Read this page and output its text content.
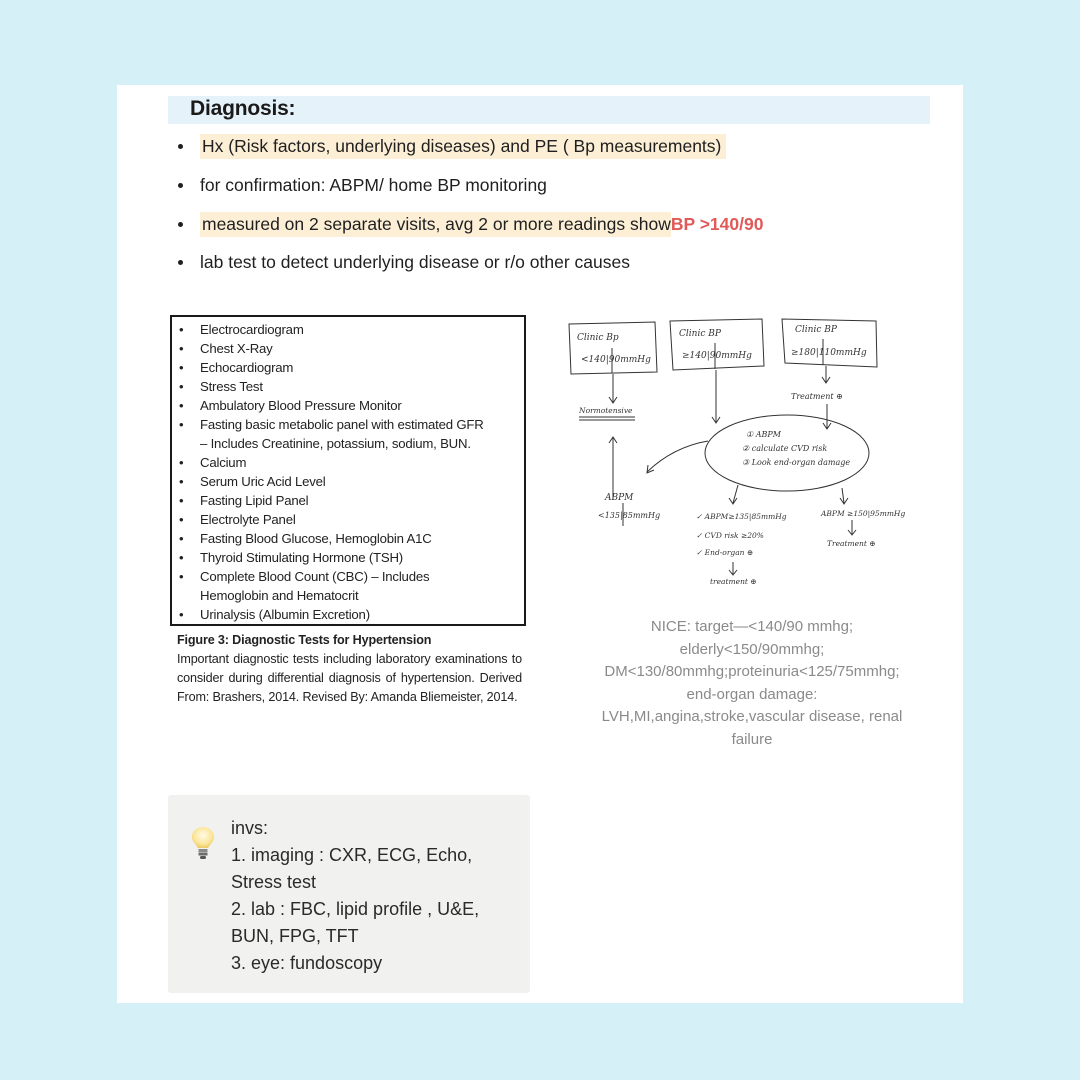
Diagnosis:
Hx (Risk factors, underlying diseases) and PE ( Bp measurements)
for confirmation: ABPM/ home BP monitoring
measured on 2 separate visits, avg 2 or more readings show BP >140/90
lab test to detect underlying disease or r/o other causes
•	Electrocardiogram
•	Chest X-Ray
•	Echocardiogram
•	Stress Test
•	Ambulatory Blood Pressure Monitor
•	Fasting basic metabolic panel with estimated GFR
– Includes Creatinine, potassium, sodium, BUN.
•	Calcium
•	Serum Uric Acid Level
•	Fasting Lipid Panel
•	Electrolyte Panel
•	Fasting Blood Glucose, Hemoglobin A1C
•	Thyroid Stimulating Hormone (TSH)
•	Complete Blood Count (CBC) – Includes
Hemoglobin and Hematocrit
•	Urinalysis (Albumin Excretion)
Figure 3: Diagnostic Tests for Hypertension
Important diagnostic tests including laboratory examinations to consider during differential diagnosis of hypertension. Derived From: Brashers, 2014. Revised By: Amanda Bliemeister, 2014.
Clinic Bp
<140|90mmHg
Clinic BP
≥140|90mmHg
Clinic BP
≥180|110mmHg
Normotensive
Treatment ⊕
① ABPM
② calculate CVD risk
③ Look end-organ damage
ABPM
<135|85mmHg	✓ ABPM≥135|85mmHg
✓ CVD risk ≥20%
✓ End-organ ⊕
treatment ⊕
ABPM ≥150|95mmHg
Treatment ⊕
NICE: target—<140/90 mmhg;
elderly<150/90mmhg;
DM<130/80mmhg;proteinuria<125/75mmhg;
end-organ damage:
LVH,MI,angina,stroke,vascular disease, renal
failure
invs:
1. imaging : CXR, ECG, Echo,
Stress test
2. lab : FBC, lipid profile , U&E,
BUN, FPG, TFT
3. eye: fundoscopy
